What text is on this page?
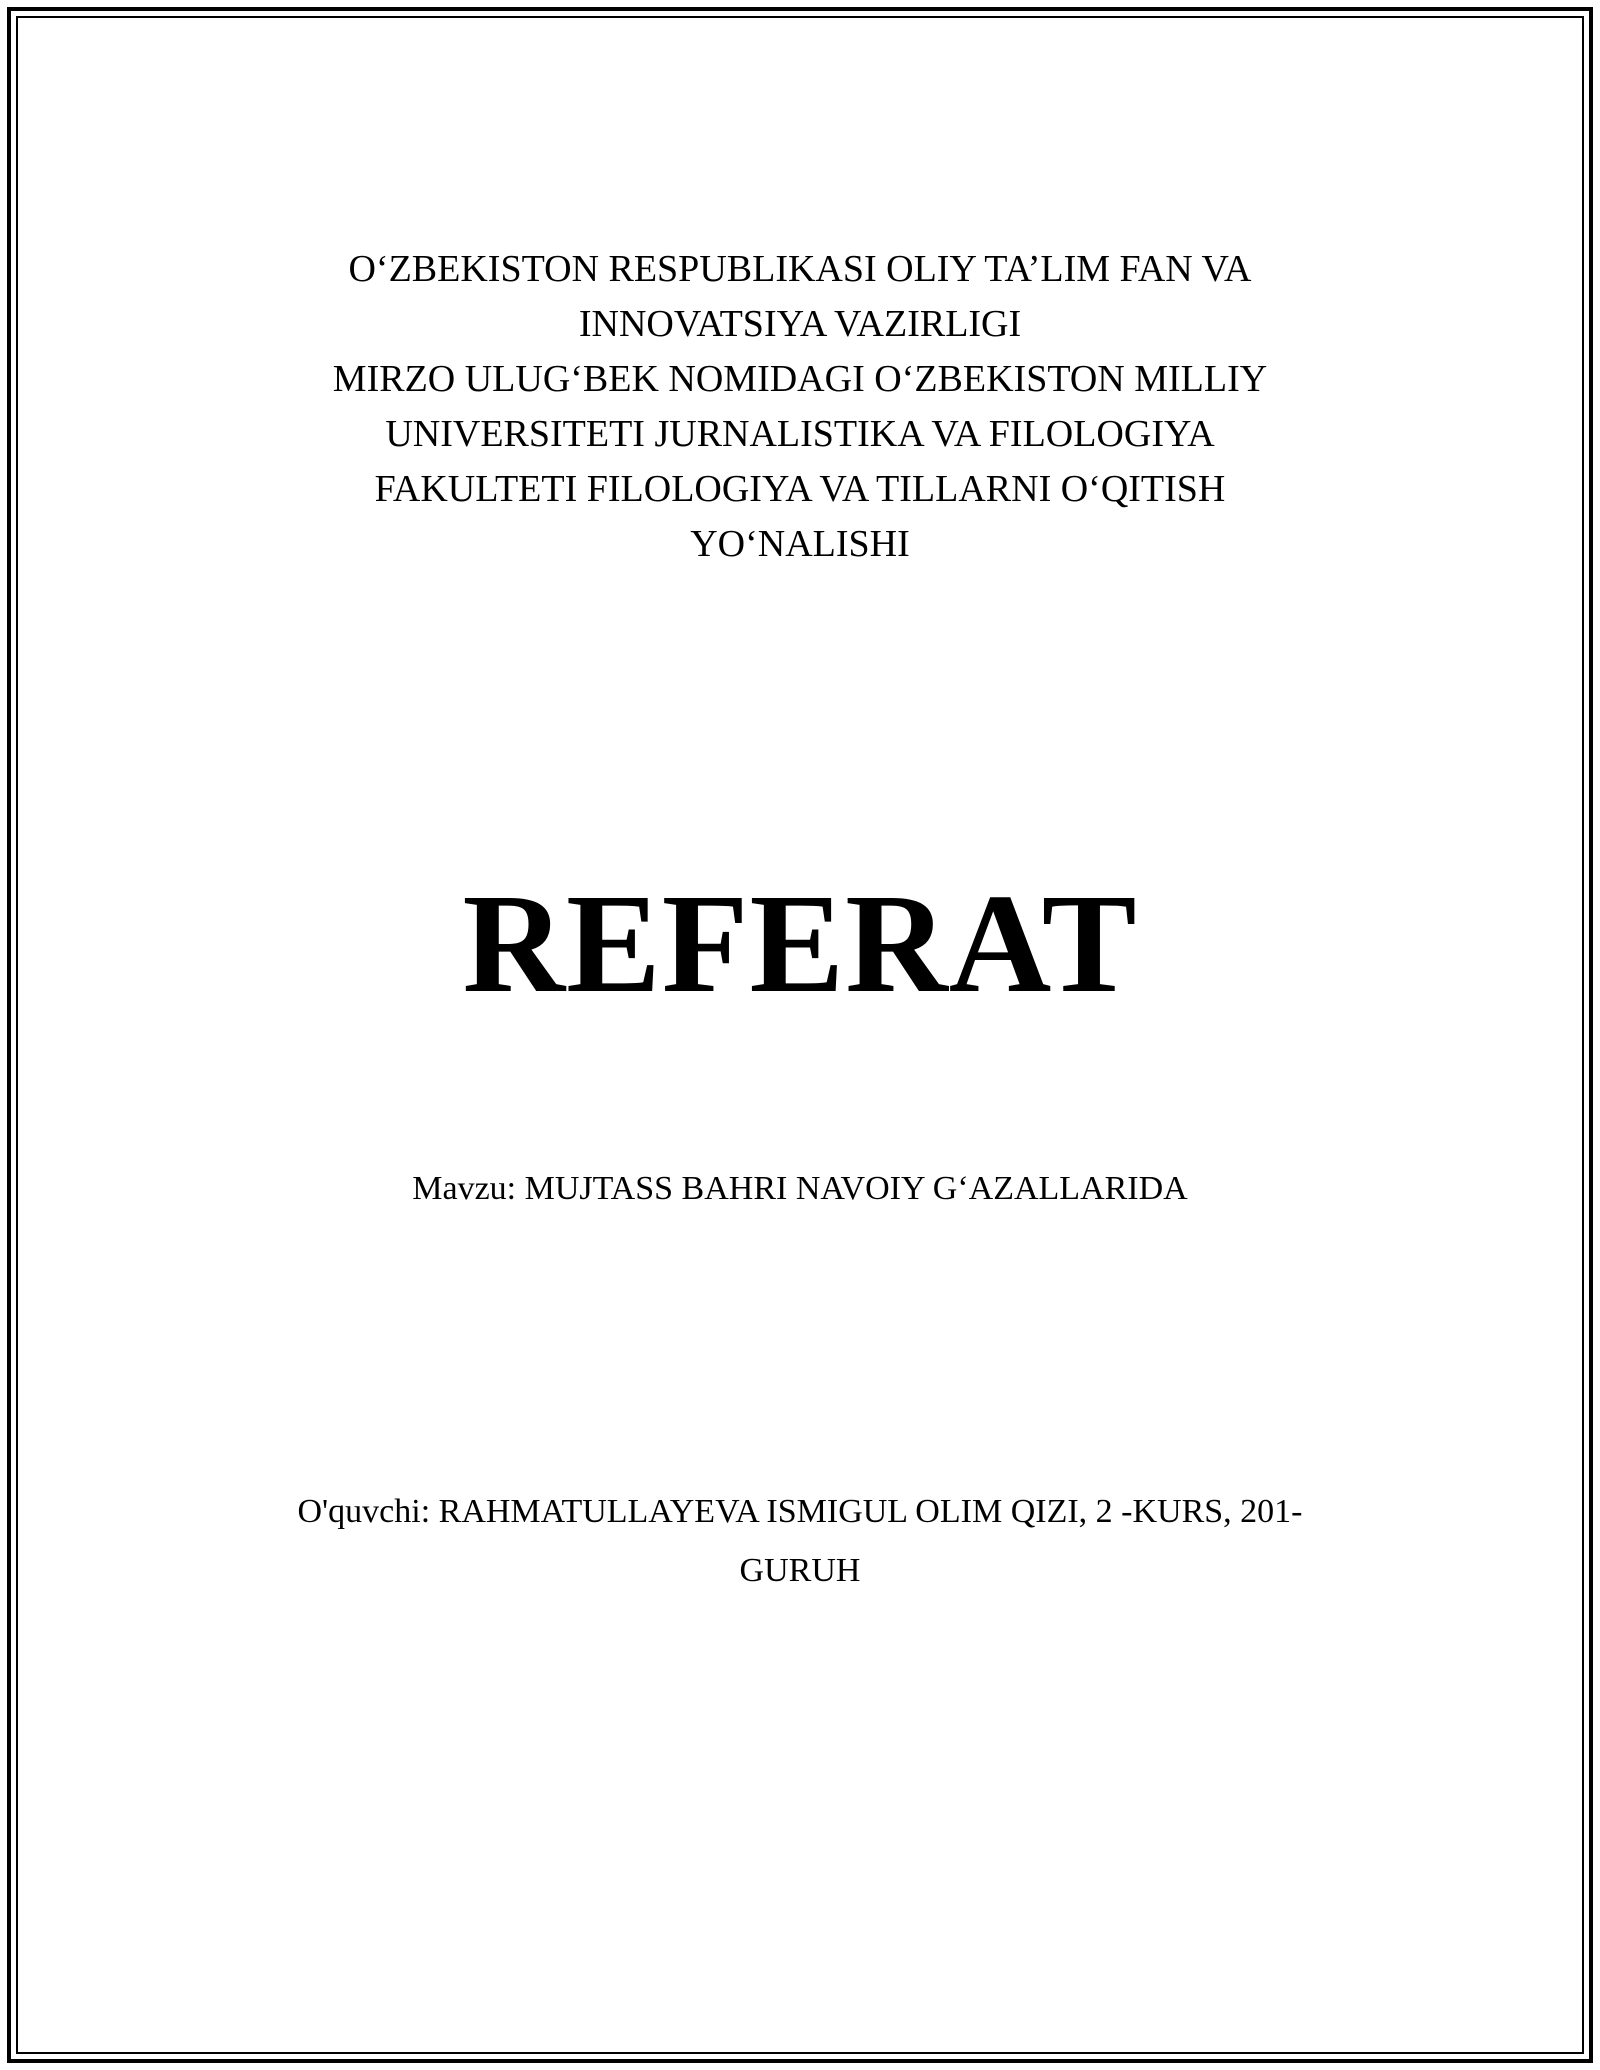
O‘ZBEKISTON RESPUBLIKASI OLIY TA’LIM FAN VA
INNOVATSIYA VAZIRLIGI
MIRZO ULUG‘BEK NOMIDAGI O‘ZBEKISTON MILLIY
UNIVERSITETI JURNALISTIKA VA FILOLOGIYA
FAKULTETI FILOLOGIYA VA TILLARNI O‘QITISH
YO‘NALISHI
REFERAT
Mavzu: MUJTASS BAHRI NAVOIY G‘AZALLARIDA
O'quvchi: RAHMATULLAYEVA ISMIGUL OLIM QIZI, 2 -KURS, 201-
GURUH
